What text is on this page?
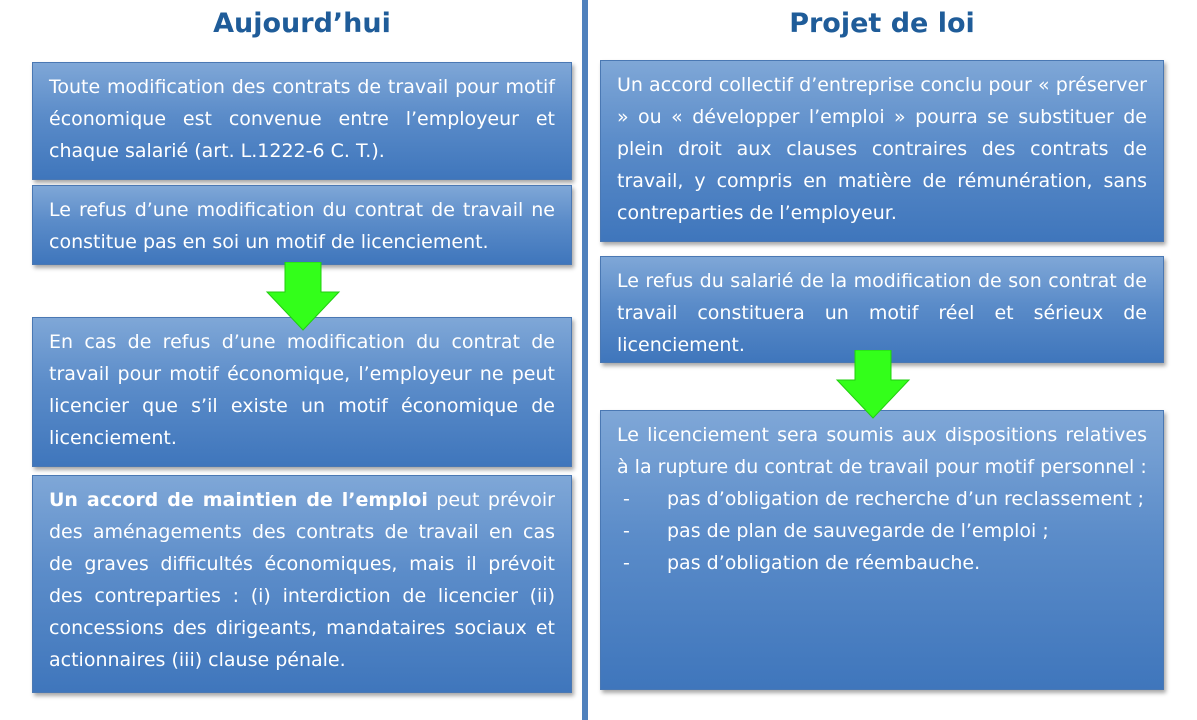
Aujourd’hui	Projet de loi

Toute modification des contrats de travail pour motif économique est convenue entre l’employeur et chaque salarié (art. L.1222-6 C. T.).

Le refus d’une modification du contrat de travail ne constitue pas en soi un motif de licenciement.

En cas de refus d’une modification du contrat de travail pour motif économique, l’employeur ne peut licencier que s’il existe un motif économique de licenciement.

Un accord de maintien de l’emploi peut prévoir des aménagements des contrats de travail en cas de graves difficultés économiques, mais il prévoit des contreparties : (i) interdiction de licencier (ii) concessions des dirigeants, mandataires sociaux et actionnaires (iii) clause pénale.

Un accord collectif d’entreprise conclu pour « préserver » ou « développer l’emploi » pourra se substituer de plein droit aux clauses contraires des contrats de travail, y compris en matière de rémunération, sans contreparties de l’employeur.

Le refus du salarié de la modification de son contrat de travail constituera un motif réel et sérieux de licenciement.

Le licenciement sera soumis aux dispositions relatives à la rupture du contrat de travail pour motif personnel :

- pas d’obligation de recherche d’un reclassement ;
- pas de plan de sauvegarde de l’emploi ;
- pas d’obligation de réembauche.
